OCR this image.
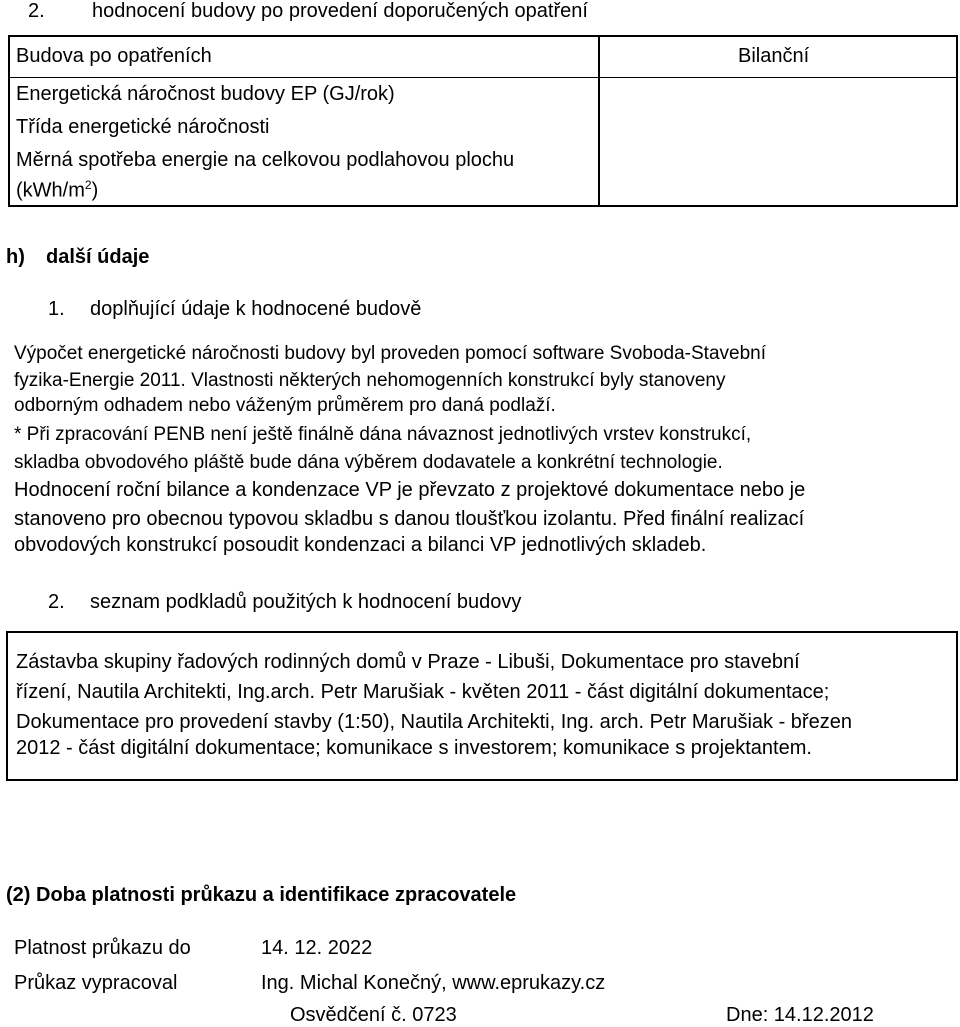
2. hodnocení budovy po provedení doporučených opatření
Budova po opatřeních	Bilanční
Energetická náročnost budovy EP (GJ/rok)
Třída energetické náročnosti
Měrná spotřeba energie na celkovou podlahovou plochu
$(kWh/m^2)$
h) další údaje
1. doplňující údaje k hodnocené budově
Výpočet energetické náročnosti budovy byl proveden pomocí software Svoboda-Stavební
fyzika-Energie 2011. Vlastnosti některých nehomogenních konstrukcí byly stanoveny
odborným odhadem nebo váženým průměrem pro daná podlaží.
* Při zpracování PENB není ještě finálně dána návaznost jednotlivých vrstev konstrukcí,
skladba obvodového pláště bude dána výběrem dodavatele a konkrétní technologie.
Hodnocení roční bilance a kondenzace VP je převzato z projektové dokumentace nebo je
stanoveno pro obecnou typovou skladbu s danou tloušťkou izolantu. Před finální realizací
obvodových konstrukcí posoudit kondenzaci a bilanci VP jednotlivých skladeb.
2. seznam podkladů použitých k hodnocení budovy
Zástavba skupiny řadových rodinných domů v Praze - Libuši, Dokumentace pro stavební
řízení, Nautila Architekti, Ing.arch. Petr Marušiak - květen 2011 - část digitální dokumentace;
Dokumentace pro provedení stavby (1:50), Nautila Architekti, Ing. arch. Petr Marušiak - březen
2012 - část digitální dokumentace; komunikace s investorem; komunikace s projektantem.
(2) Doba platnosti průkazu a identifikace zpracovatele
Platnost průkazu do	14. 12. 2022
Průkaz vypracoval	Ing. Michal Konečný, www.eprukazy.cz
Osvědčení č. 0723	Dne: 14.12.2012
